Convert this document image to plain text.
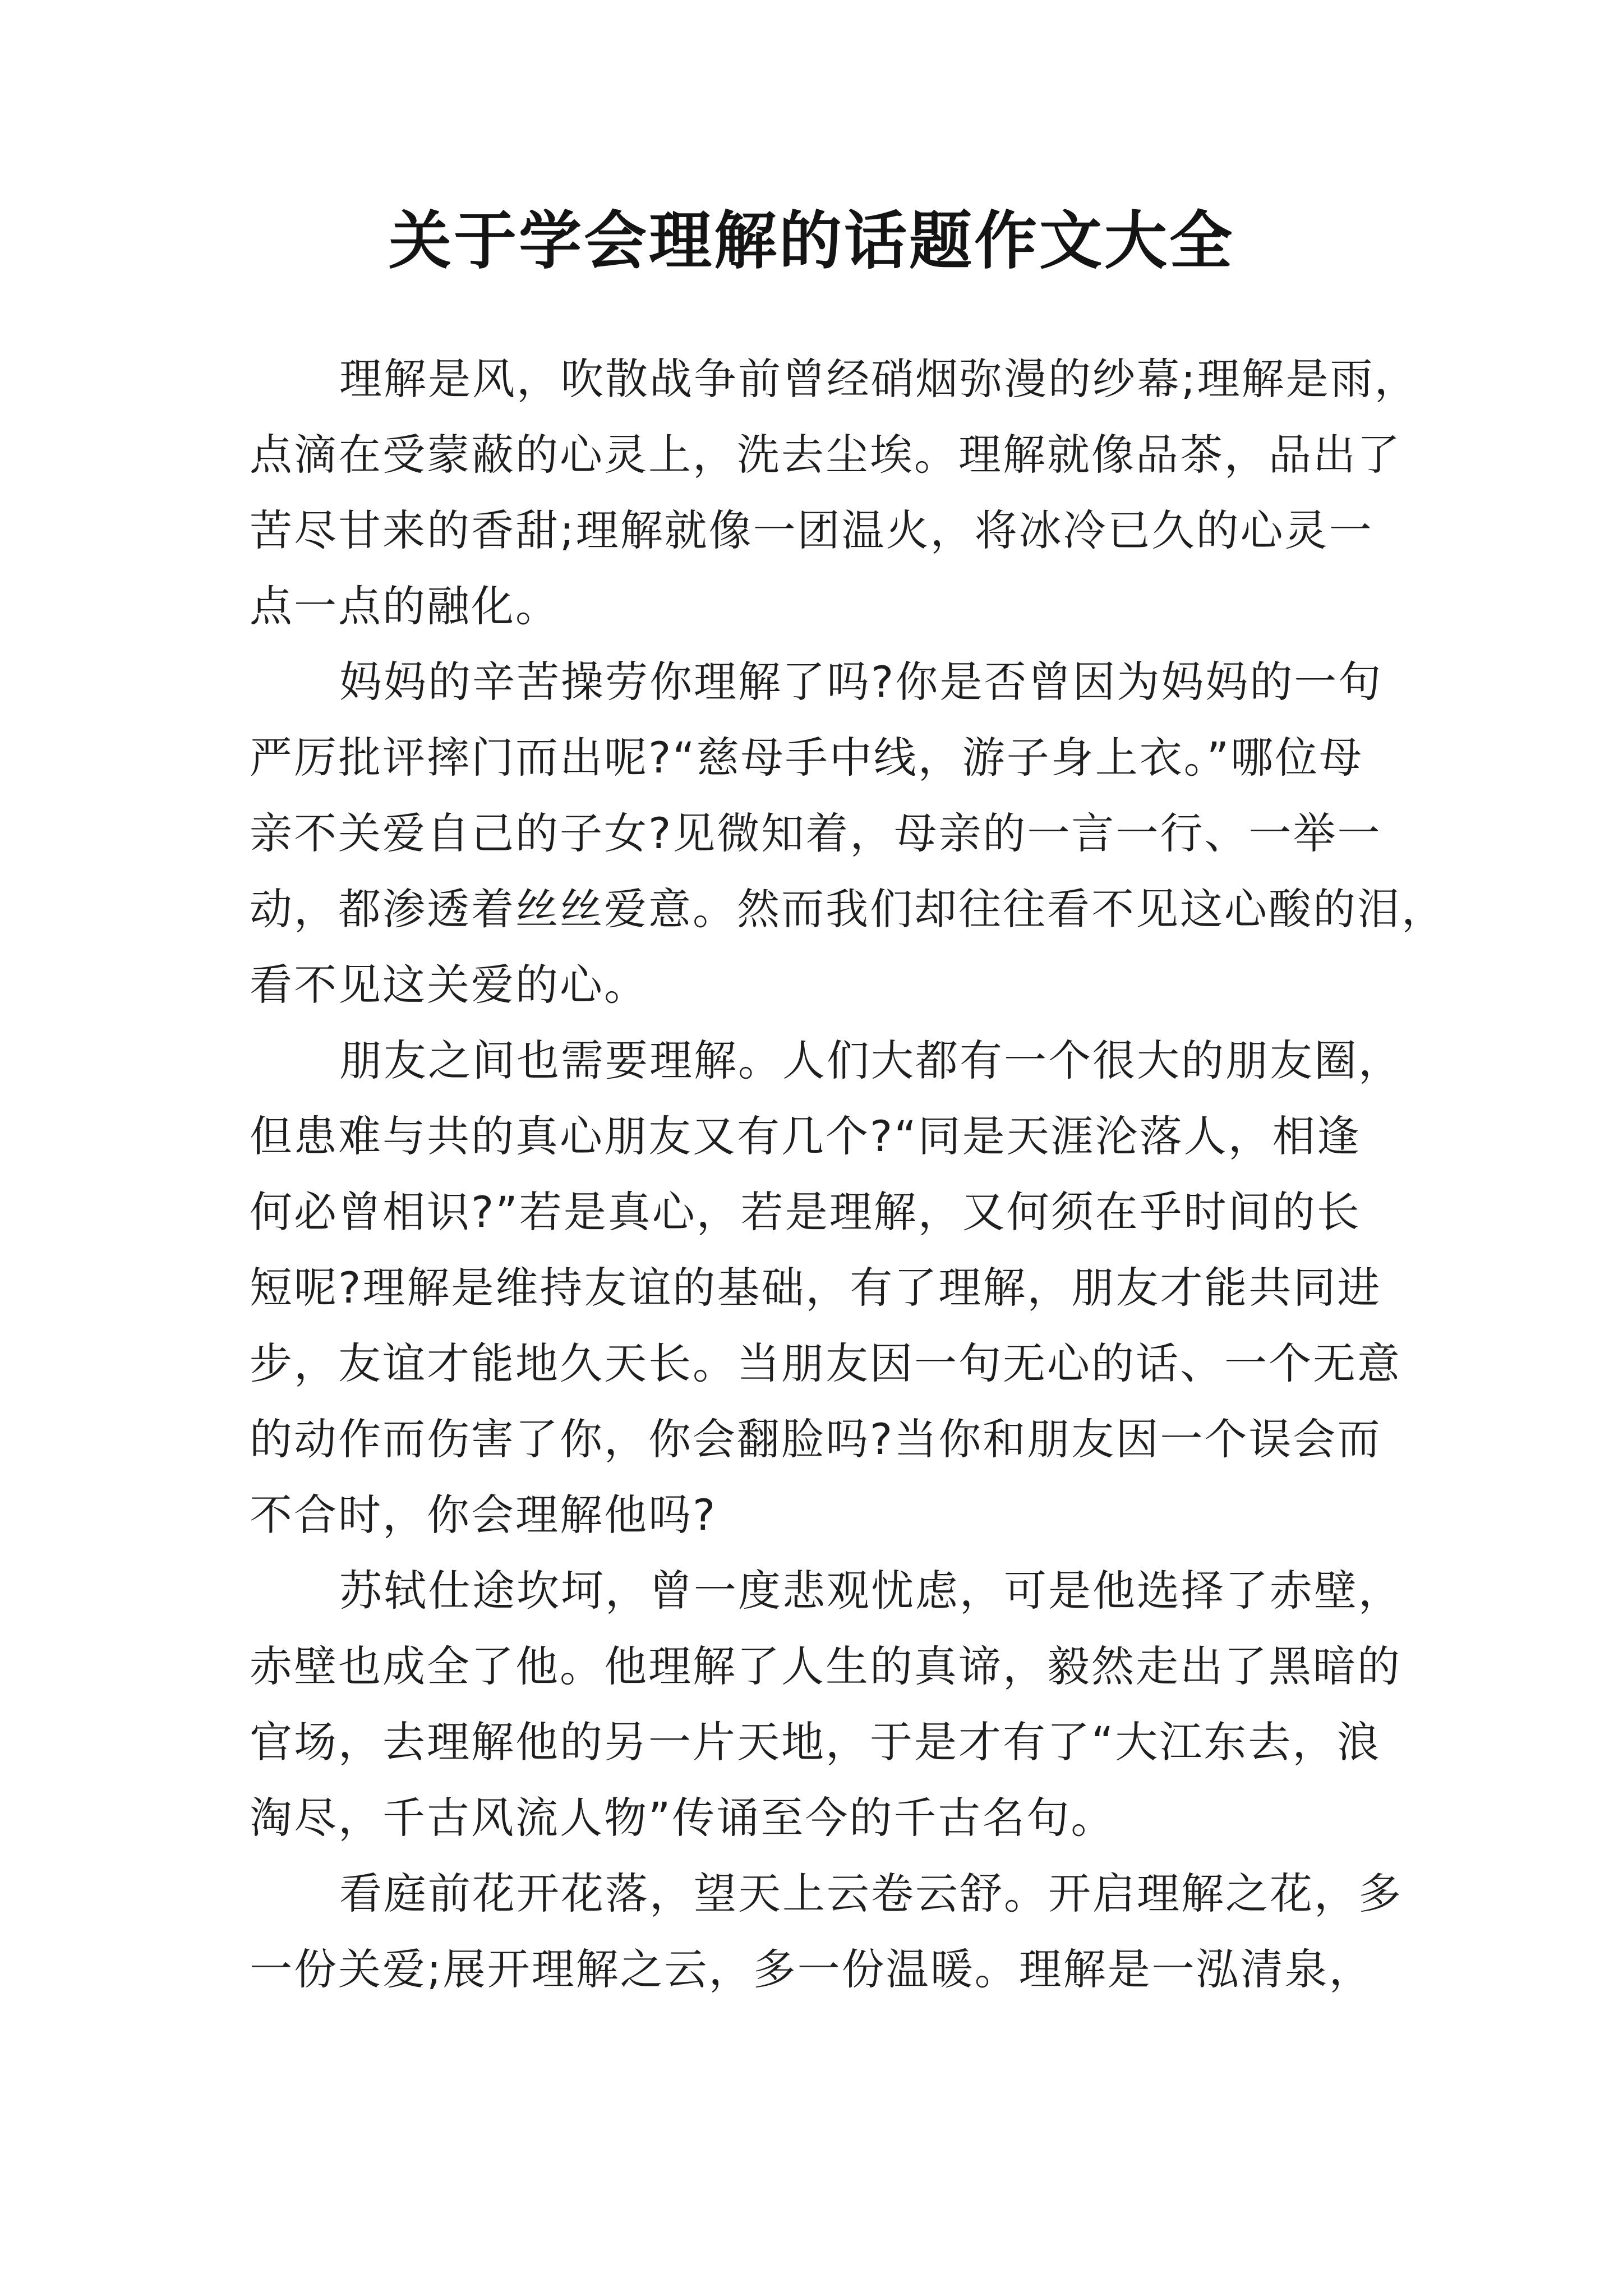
关于学会理解的话题作文大全

理解是风，吹散战争前曾经硝烟弥漫的纱幕;理解是雨，
点滴在受蒙蔽的心灵上，洗去尘埃。理解就像品茶，品出了
苦尽甘来的香甜;理解就像一团温火，将冰冷已久的心灵一
点一点的融化。

妈妈的辛苦操劳你理解了吗?你是否曾因为妈妈的一句
严厉批评摔门而出呢?“慈母手中线，游子身上衣。”哪位母
亲不关爱自己的子女?见微知着，母亲的一言一行、一举一
动，都渗透着丝丝爱意。然而我们却往往看不见这心酸的泪，
看不见这关爱的心。

朋友之间也需要理解。人们大都有一个很大的朋友圈，
但患难与共的真心朋友又有几个?“同是天涯沦落人，相逢
何必曾相识?”若是真心，若是理解，又何须在乎时间的长
短呢?理解是维持友谊的基础，有了理解，朋友才能共同进
步，友谊才能地久天长。当朋友因一句无心的话、一个无意
的动作而伤害了你，你会翻脸吗?当你和朋友因一个误会而
不合时，你会理解他吗?

苏轼仕途坎坷，曾一度悲观忧虑，可是他选择了赤壁，
赤壁也成全了他。他理解了人生的真谛，毅然走出了黑暗的
官场，去理解他的另一片天地，于是才有了“大江东去，浪
淘尽，千古风流人物”传诵至今的千古名句。

看庭前花开花落，望天上云卷云舒。开启理解之花，多
一份关爱;展开理解之云，多一份温暖。理解是一泓清泉，
